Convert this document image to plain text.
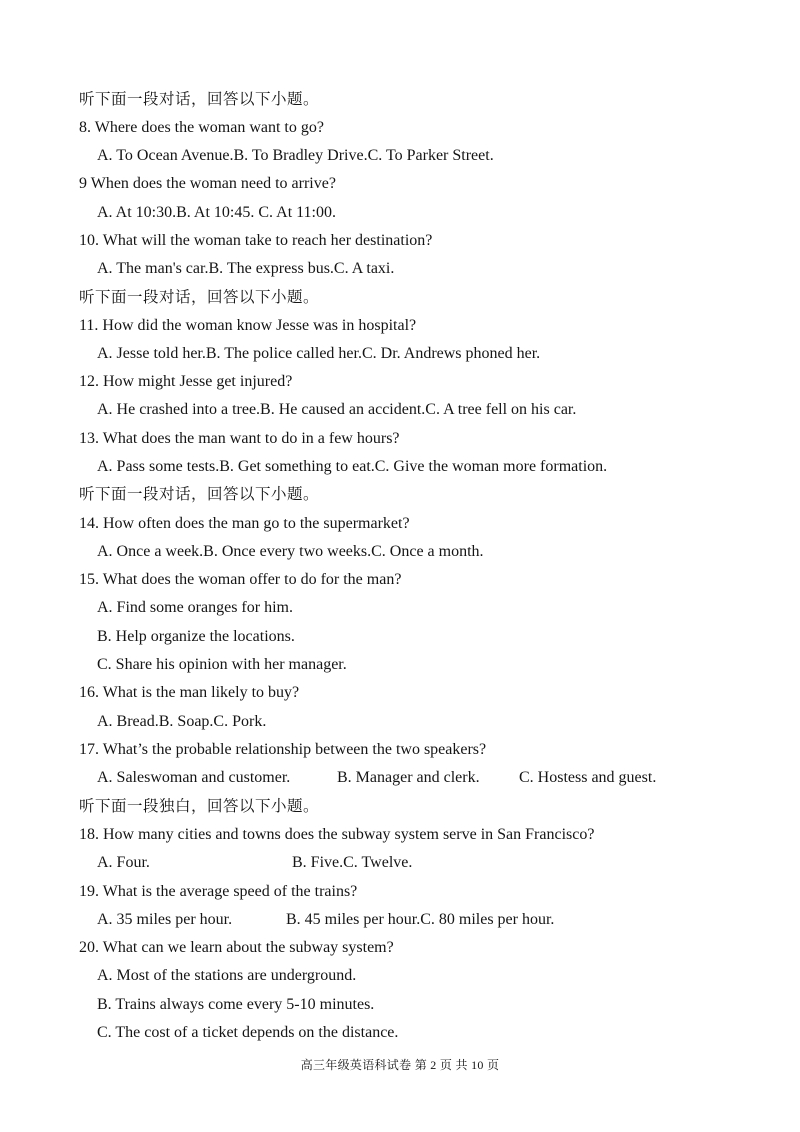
听下面一段对话，回答以下小题。
8. Where does the woman want to go?
A. To Ocean Avenue.B. To Bradley Drive.C. To Parker Street.
9 When does the woman need to arrive?
A. At 10:30.B. At 10:45. C. At 11:00.
10. What will the woman take to reach her destination?
A. The man's car.B. The express bus.C. A taxi.
听下面一段对话，回答以下小题。
11. How did the woman know Jesse was in hospital?
A. Jesse told her.B. The police called her.C. Dr. Andrews phoned her.
12. How might Jesse get injured?
A. He crashed into a tree.B. He caused an accident.C. A tree fell on his car.
13. What does the man want to do in a few hours?
A. Pass some tests.B. Get something to eat.C. Give the woman more formation.
听下面一段对话，回答以下小题。
14. How often does the man go to the supermarket?
A. Once a week.B. Once every two weeks.C. Once a month.
15. What does the woman offer to do for the man?
A. Find some oranges for him.
B. Help organize the locations.
C. Share his opinion with her manager.
16. What is the man likely to buy?
A. Bread.B. Soap.C. Pork.
17. What’s the probable relationship between the two speakers?
A. Saleswoman and customer.	B. Manager and clerk. C. Hostess and guest.
听下面一段独白，回答以下小题。
18. How many cities and towns does the subway system serve in San Francisco?
A. Four.	B. Five.C. Twelve.
19. What is the average speed of the trains?
A. 35 miles per hour.	B. 45 miles per hour.C. 80 miles per hour.
20. What can we learn about the subway system?
A. Most of the stations are underground.
B. Trains always come every 5-10 minutes.
C. The cost of a ticket depends on the distance.
高三年级英语科试卷 第 2 页 共 10 页
